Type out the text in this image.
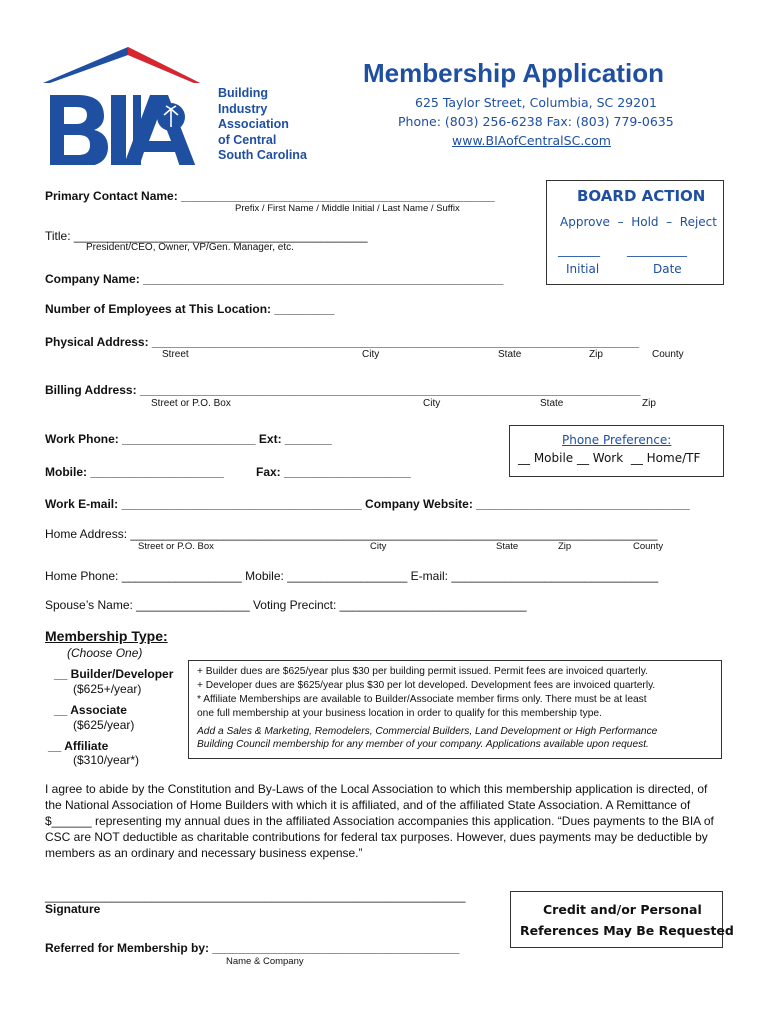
Building
Industry
Association
of Central
South Carolina
Membership Application
625 Taylor Street, Columbia, SC 29201
Phone: (803) 256-6238 Fax: (803) 779-0635
www.BIAofCentralSC.com
BOARD ACTION
Approve  –  Hold  –  Reject
_______ __________
Initial	Date
Primary Contact Name: _______________________________________________
Prefix / First Name / Middle Initial / Last Name / Suffix
Title: ____________________________________________
President/CEO, Owner, VP/Gen. Manager, etc.
Company Name: ______________________________________________________
Number of Employees at This Location: _________
Physical Address: _________________________________________________________________________
Street	City	State	Zip	County
Billing Address: ___________________________________________________________________________
Street or P.O. Box	City	State	Zip
Work Phone: ____________________ Ext: _______
Mobile: ____________________	Fax: ___________________
Phone Preference:
__ Mobile __ Work  __ Home/TF
Work E-mail: ____________________________________ Company Website: ________________________________
Home Address: _______________________________________________________________________________
Street or P.O. Box	City	State	Zip	County
Home Phone: __________________ Mobile: __________________ E-mail: _______________________________
Spouse’s Name: _________________ Voting Precinct: ____________________________
Membership Type:
(Choose One)
__ Builder/Developer
($625+/year)
__ Associate
($625/year)
__ Affiliate
($310/year*)
+ Builder dues are $625/year plus $30 per building permit issued. Permit fees are invoiced quarterly.
+ Developer dues are $625/year plus $30 per lot developed. Development fees are invoiced quarterly.
* Affiliate Memberships are available to Builder/Associate member firms only. There must be at least
one full membership at your business location in order to qualify for this membership type.
Add a Sales & Marketing, Remodelers, Commercial Builders, Land Development or High Performance
Building Council membership for any member of your company. Applications available upon request.
I agree to abide by the Constitution and By-Laws of the Local Association to which this membership application is directed, of the National Association of Home Builders with which it is affiliated, and of the affiliated State Association. A Remittance of $______ representing my annual dues in the affiliated Association accompanies this application. “Dues payments to the BIA of CSC are NOT deductible as charitable contributions for federal tax purposes. However, dues payments may be deductible by members as an ordinary and necessary business expense.”
_______________________________________________________________
Signature
Referred for Membership by: _____________________________________
Name & Company
Credit and/or Personal
References May Be Requested
